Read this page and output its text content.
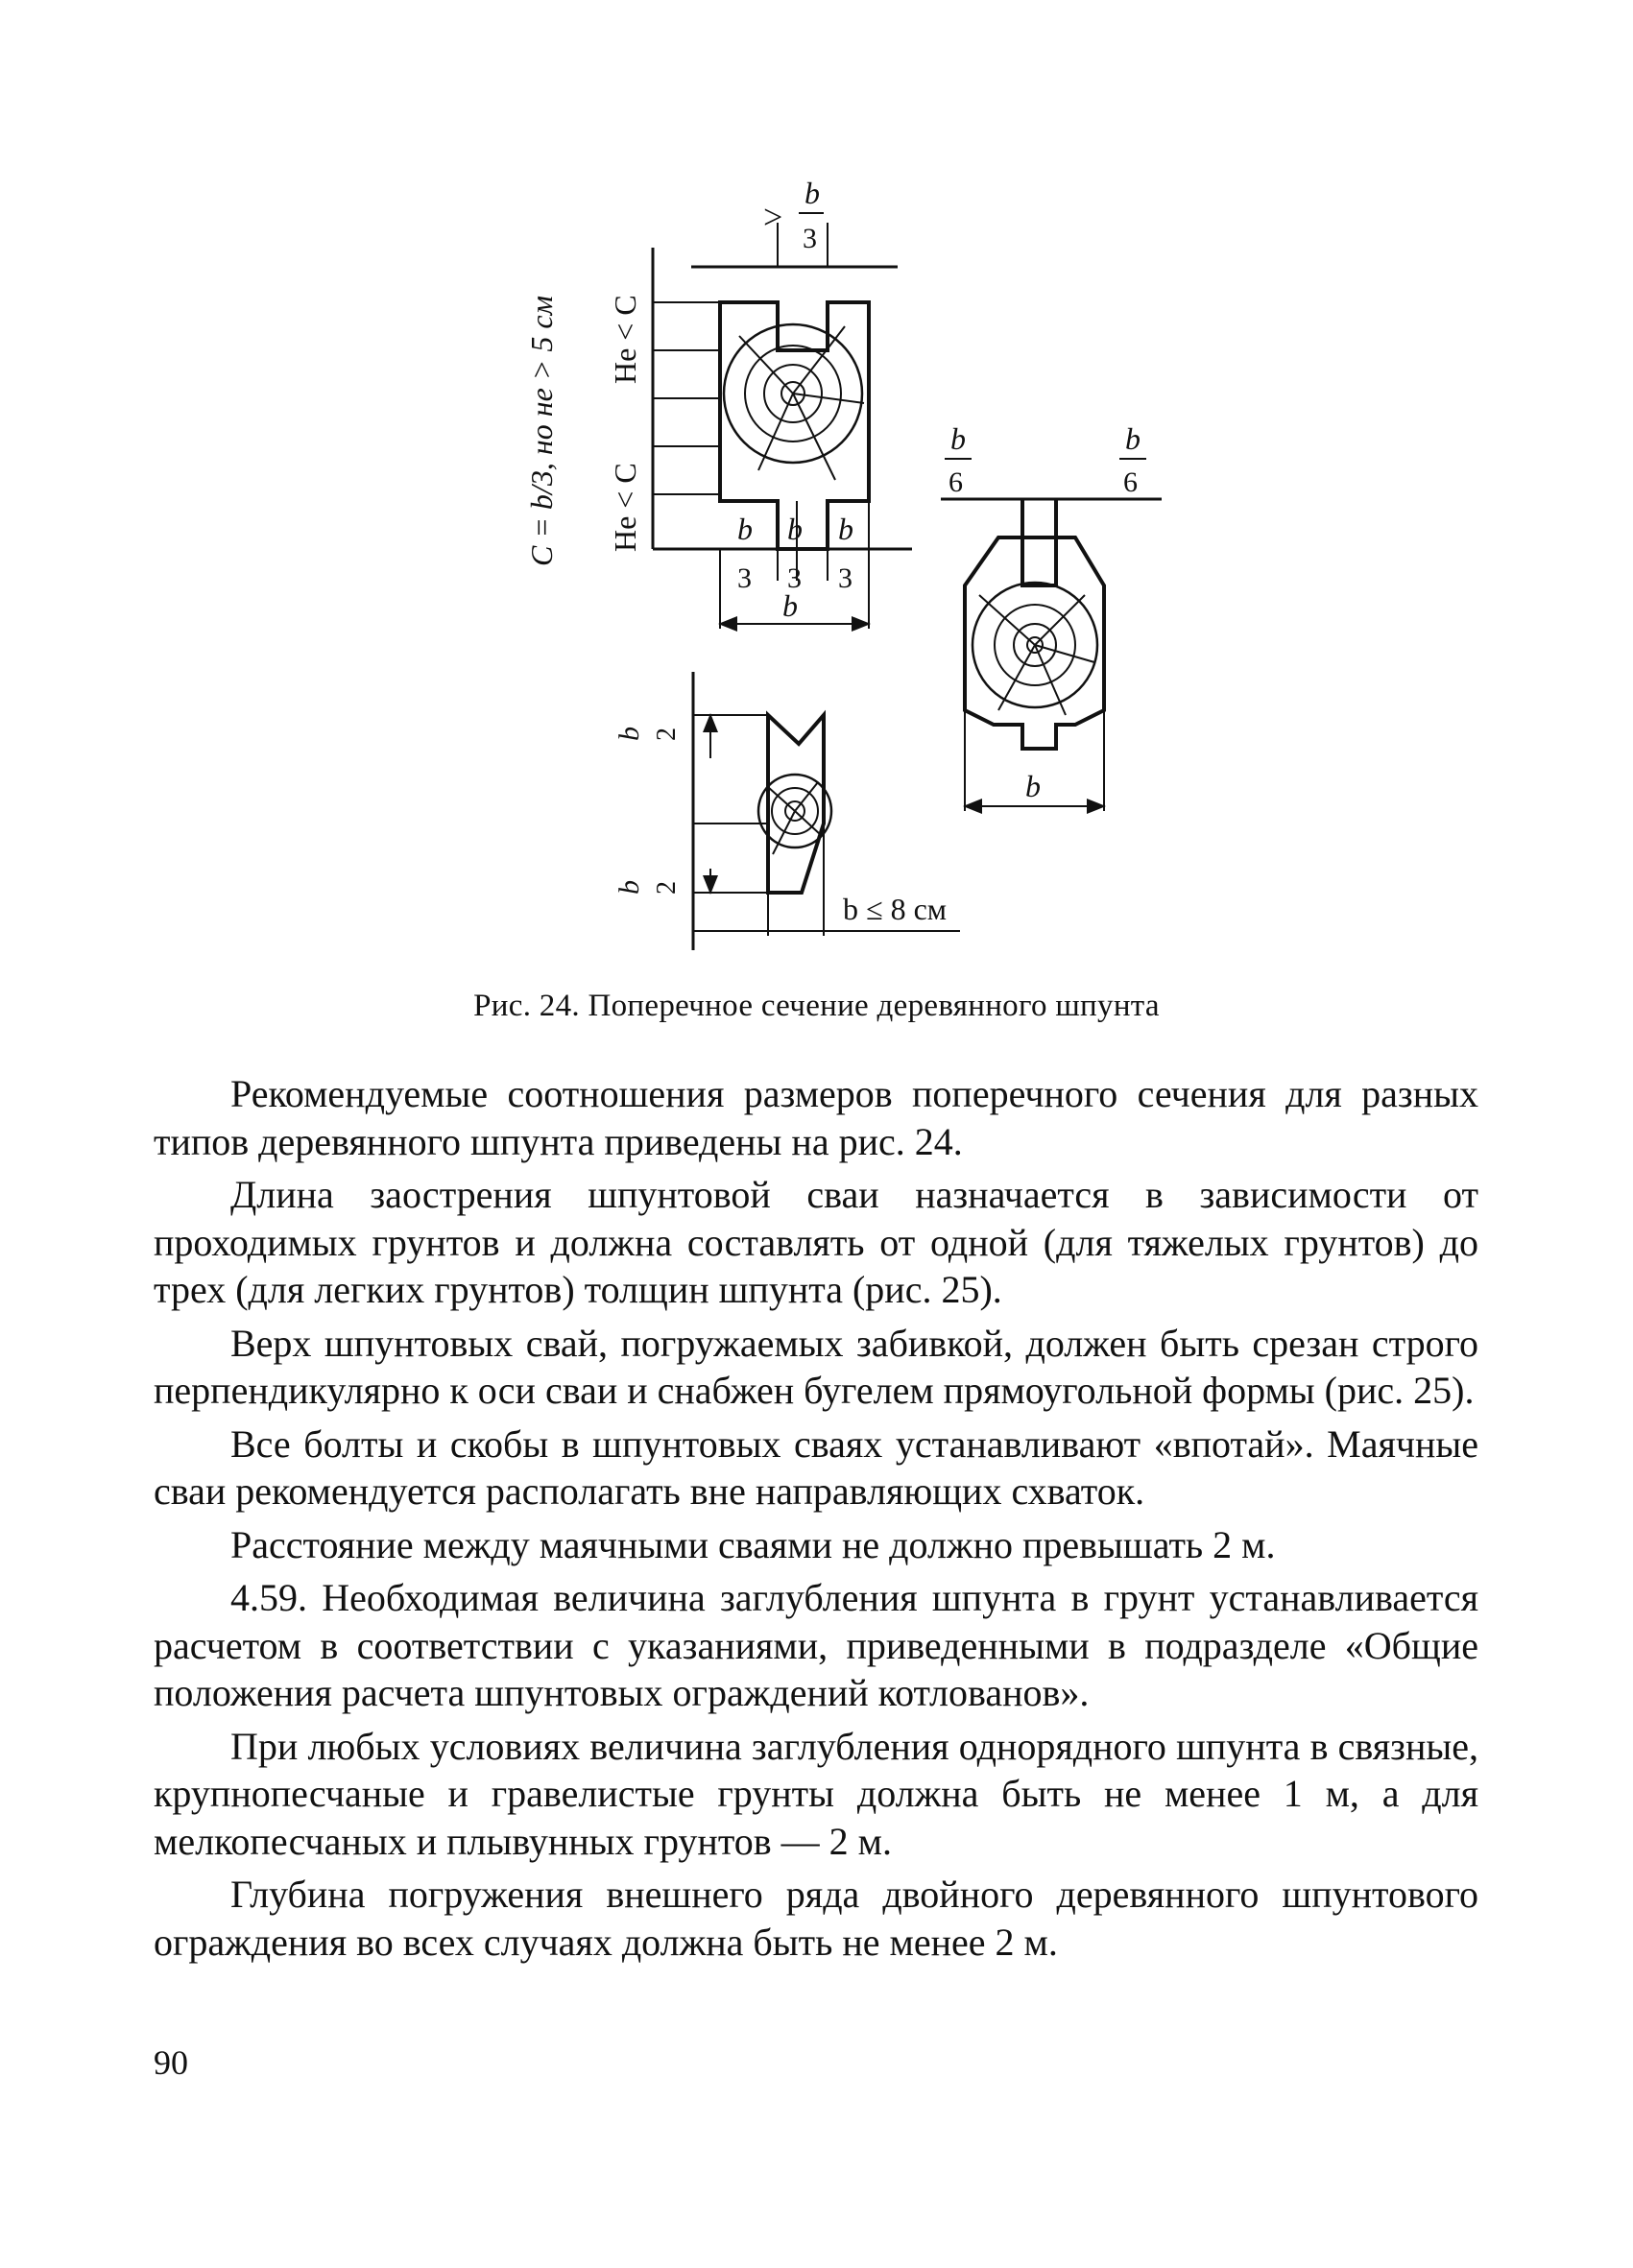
C = b/3, но не > 5 см Не < C
Не < C
>
b
3
b b b
3 3 3
b
b
6
b
6
b
b 2
b 2
b ≤ 8 см
Рис. 24. Поперечное сечение деревянного шпунта

Рекомендуемые соотношения размеров поперечного сечения для разных типов деревянного шпунта приведены на рис. 24.

Длина заострения шпунтовой сваи назначается в зависимости от проходимых грунтов и должна составлять от одной (для тяжелых грунтов) до трех (для легких грунтов) толщин шпунта (рис. 25).

Верх шпунтовых свай, погружаемых забивкой, должен быть срезан строго перпендикулярно к оси сваи и снабжен бугелем прямоугольной формы (рис. 25).

Все болты и скобы в шпунтовых сваях устанавливают «впотай». Маячные сваи рекомендуется располагать вне направляющих схваток.

Расстояние между маячными сваями не должно превышать 2 м.

4.59. Необходимая величина заглубления шпунта в грунт устанавливается расчетом в соответствии с указаниями, приведенными в подразделе «Общие положения расчета шпунтовых ограждений котлованов».

При любых условиях величина заглубления однорядного шпунта в связные, крупнопесчаные и гравелистые грунты должна быть не менее 1 м, а для мелкопесчаных и плывунных грунтов — 2 м.

Глубина погружения внешнего ряда двойного деревянного шпунтового ограждения во всех случаях должна быть не менее 2 м.

90
